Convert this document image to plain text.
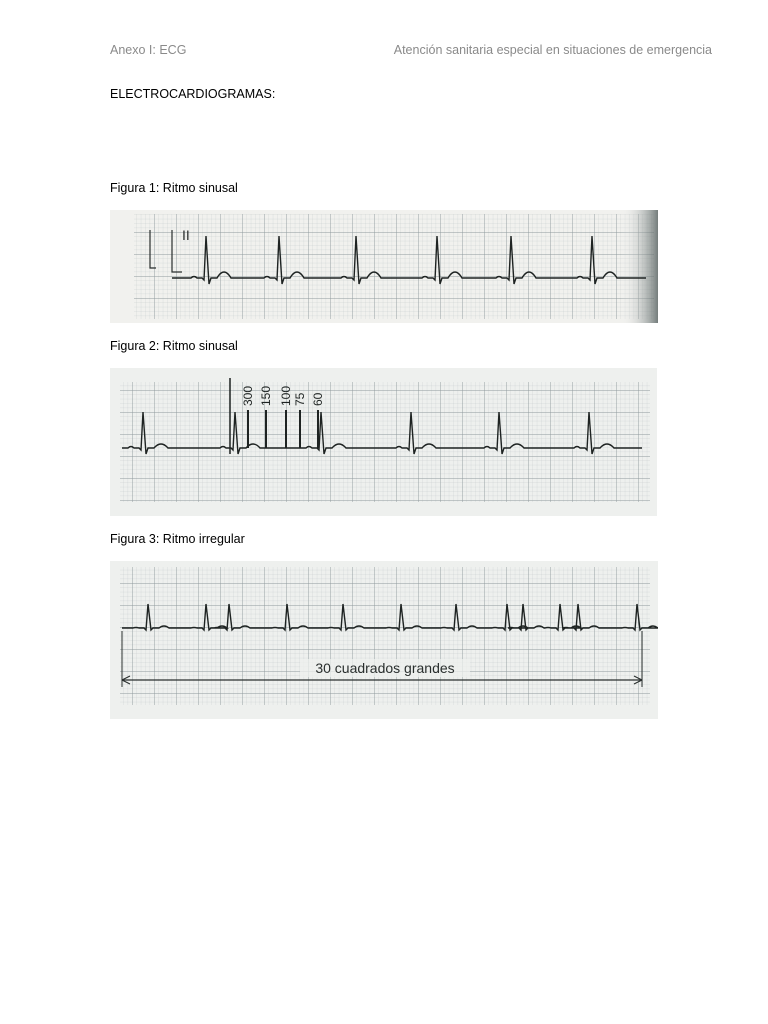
Anexo I: ECG	Atención sanitaria especial en situaciones de emergencia
ELECTROCARDIOGRAMAS:
Figura 1: Ritmo sinusal
II
Figura 2: Ritmo sinusal
300 150 100 75 60
Figura 3: Ritmo irregular
30 cuadrados grandes
